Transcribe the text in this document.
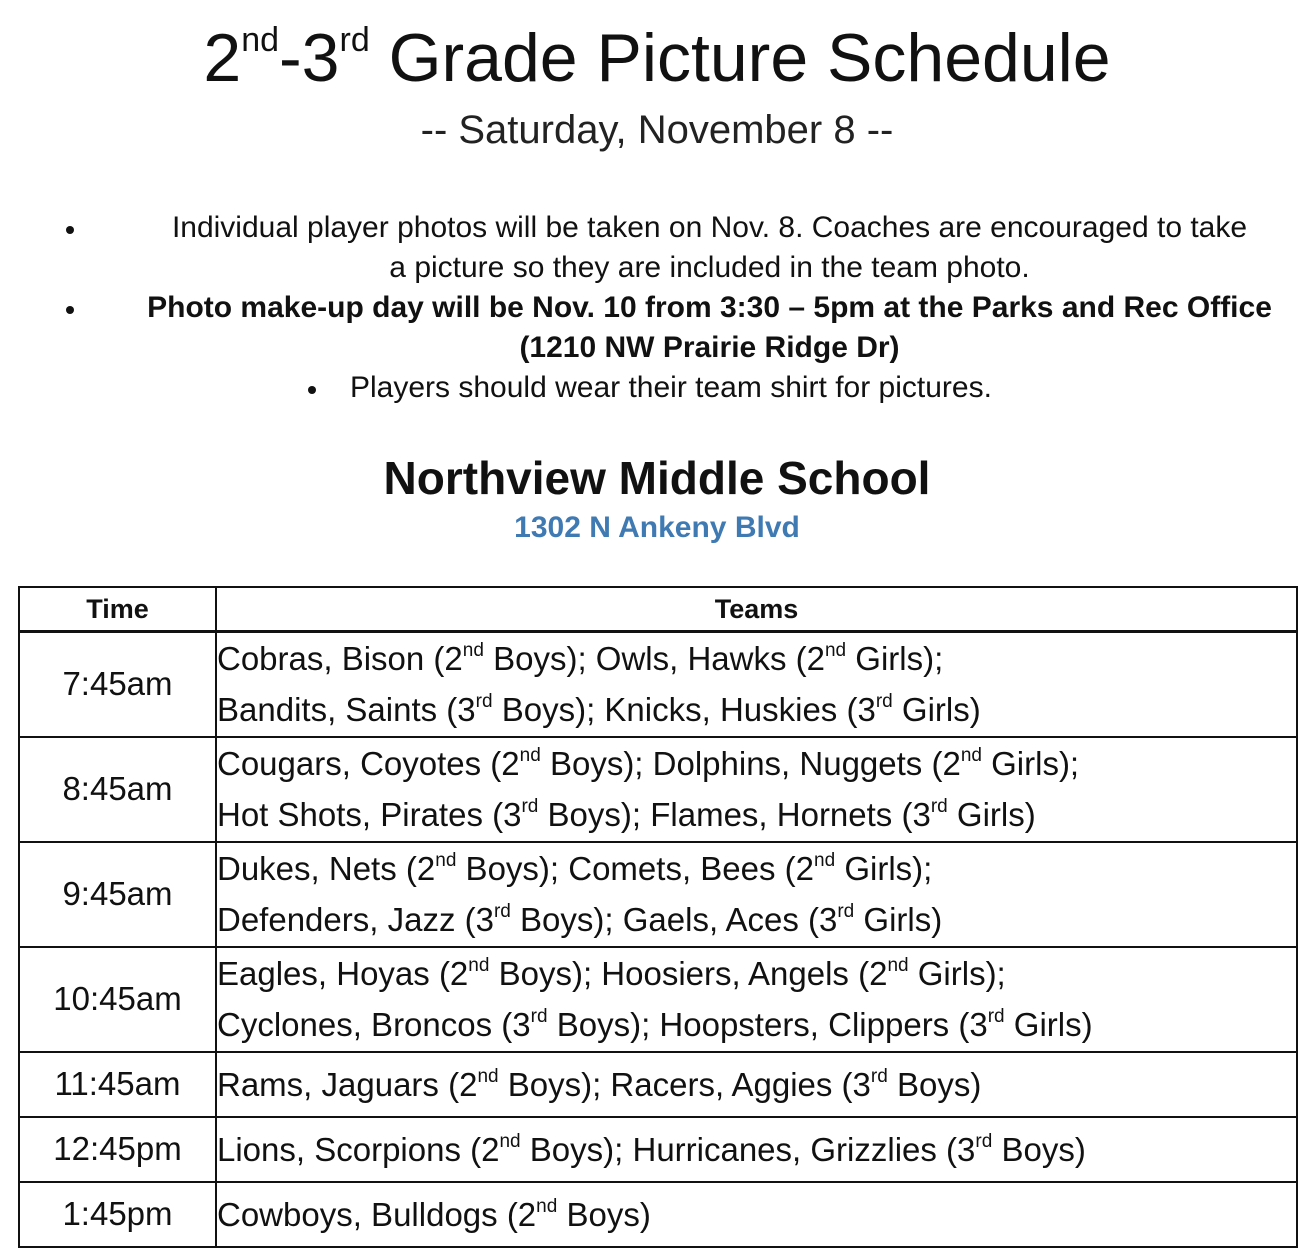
2nd-3rd Grade Picture Schedule
-- Saturday, November 8 --
Individual player photos will be taken on Nov. 8. Coaches are encouraged to take
a picture so they are included in the team photo.
Photo make-up day will be Nov. 10 from 3:30 – 5pm at the Parks and Rec Office
(1210 NW Prairie Ridge Dr)
Players should wear their team shirt for pictures.
Northview Middle School
1302 N Ankeny Blvd
Time	Teams
7:45am	Cobras, Bison (2nd Boys); Owls, Hawks (2nd Girls);
Bandits, Saints (3rd Boys); Knicks, Huskies (3rd Girls)

8:45am	Cougars, Coyotes (2nd Boys); Dolphins, Nuggets (2nd Girls);
Hot Shots, Pirates (3rd Boys); Flames, Hornets (3rd Girls)

9:45am	Dukes, Nets (2nd Boys); Comets, Bees (2nd Girls);
Defenders, Jazz (3rd Boys); Gaels, Aces (3rd Girls)

10:45am	Eagles, Hoyas (2nd Boys); Hoosiers, Angels (2nd Girls);
Cyclones, Broncos (3rd Boys); Hoopsters, Clippers (3rd Girls)

11:45am	Rams, Jaguars (2nd Boys); Racers, Aggies (3rd Boys)

12:45pm	Lions, Scorpions (2nd Boys); Hurricanes, Grizzlies (3rd Boys)

1:45pm	Cowboys, Bulldogs (2nd Boys)
